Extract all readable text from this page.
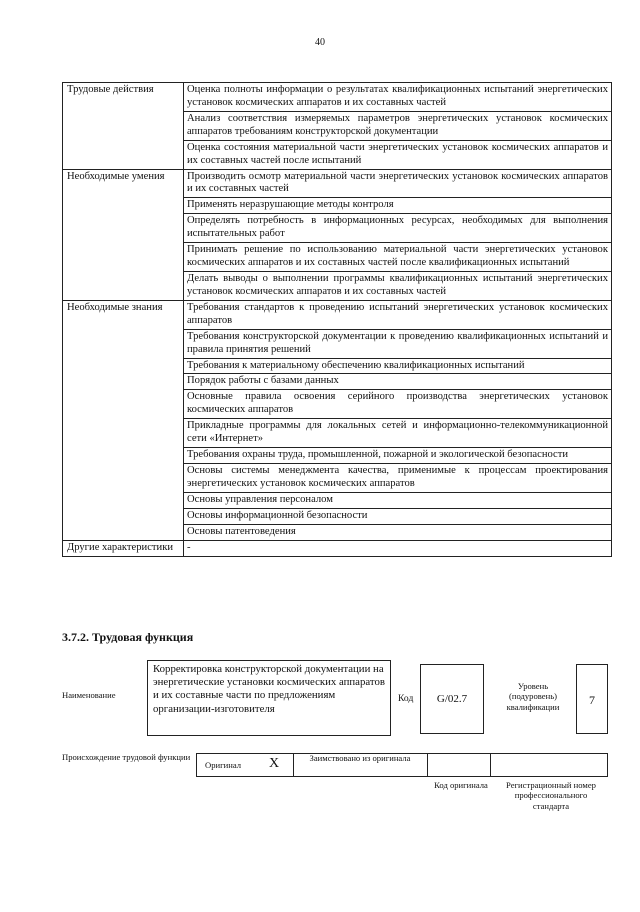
40
Трудовые действия	Оценка полноты информации о результатах квалификационных испытаний энергетических установок космических аппаратов и их составных частей
	Анализ соответствия измеряемых параметров энергетических установок космических аппаратов требованиям конструкторской документации
	Оценка состояния материальной части энергетических установок космических аппаратов и их составных частей после испытаний
Необходимые умения	Производить осмотр материальной части энергетических установок космических аппаратов и их составных частей
	Применять неразрушающие методы контроля
	Определять потребность в информационных ресурсах, необходимых для выполнения испытательных работ
	Принимать решение по использованию материальной части энергетических установок космических аппаратов и их составных частей после квалификационных испытаний
	Делать выводы о выполнении программы квалификационных испытаний энергетических установок космических аппаратов и их составных частей
Необходимые знания	Требования стандартов к проведению испытаний энергетических установок космических аппаратов
	Требования конструкторской документации к проведению квалификационных испытаний и правила принятия решений
	Требования к материальному обеспечению квалификационных испытаний
	Порядок работы с базами данных
	Основные правила освоения серийного производства энергетических установок космических аппаратов
	Прикладные программы для локальных сетей и информационно-телекоммуникационной сети «Интернет»
	Требования охраны труда, промышленной, пожарной и экологической безопасности
	Основы системы менеджмента качества, применимые к процессам проектирования энергетических установок космических аппаратов
	Основы управления персоналом
	Основы информационной безопасности
	Основы патентоведения
Другие характеристики	-
3.7.2. Трудовая функция
Наименование
Корректировка конструкторской документации на энергетические установки космических аппаратов и их составные части по предложениям организации-изготовителя
Код	G/02.7
Уровень (подуровень) квалификации	7
Происхождение трудовой функции
Оригинал X	Заимствовано из оригинала
Код оригинала	Регистрационный номер профессионального стандарта
